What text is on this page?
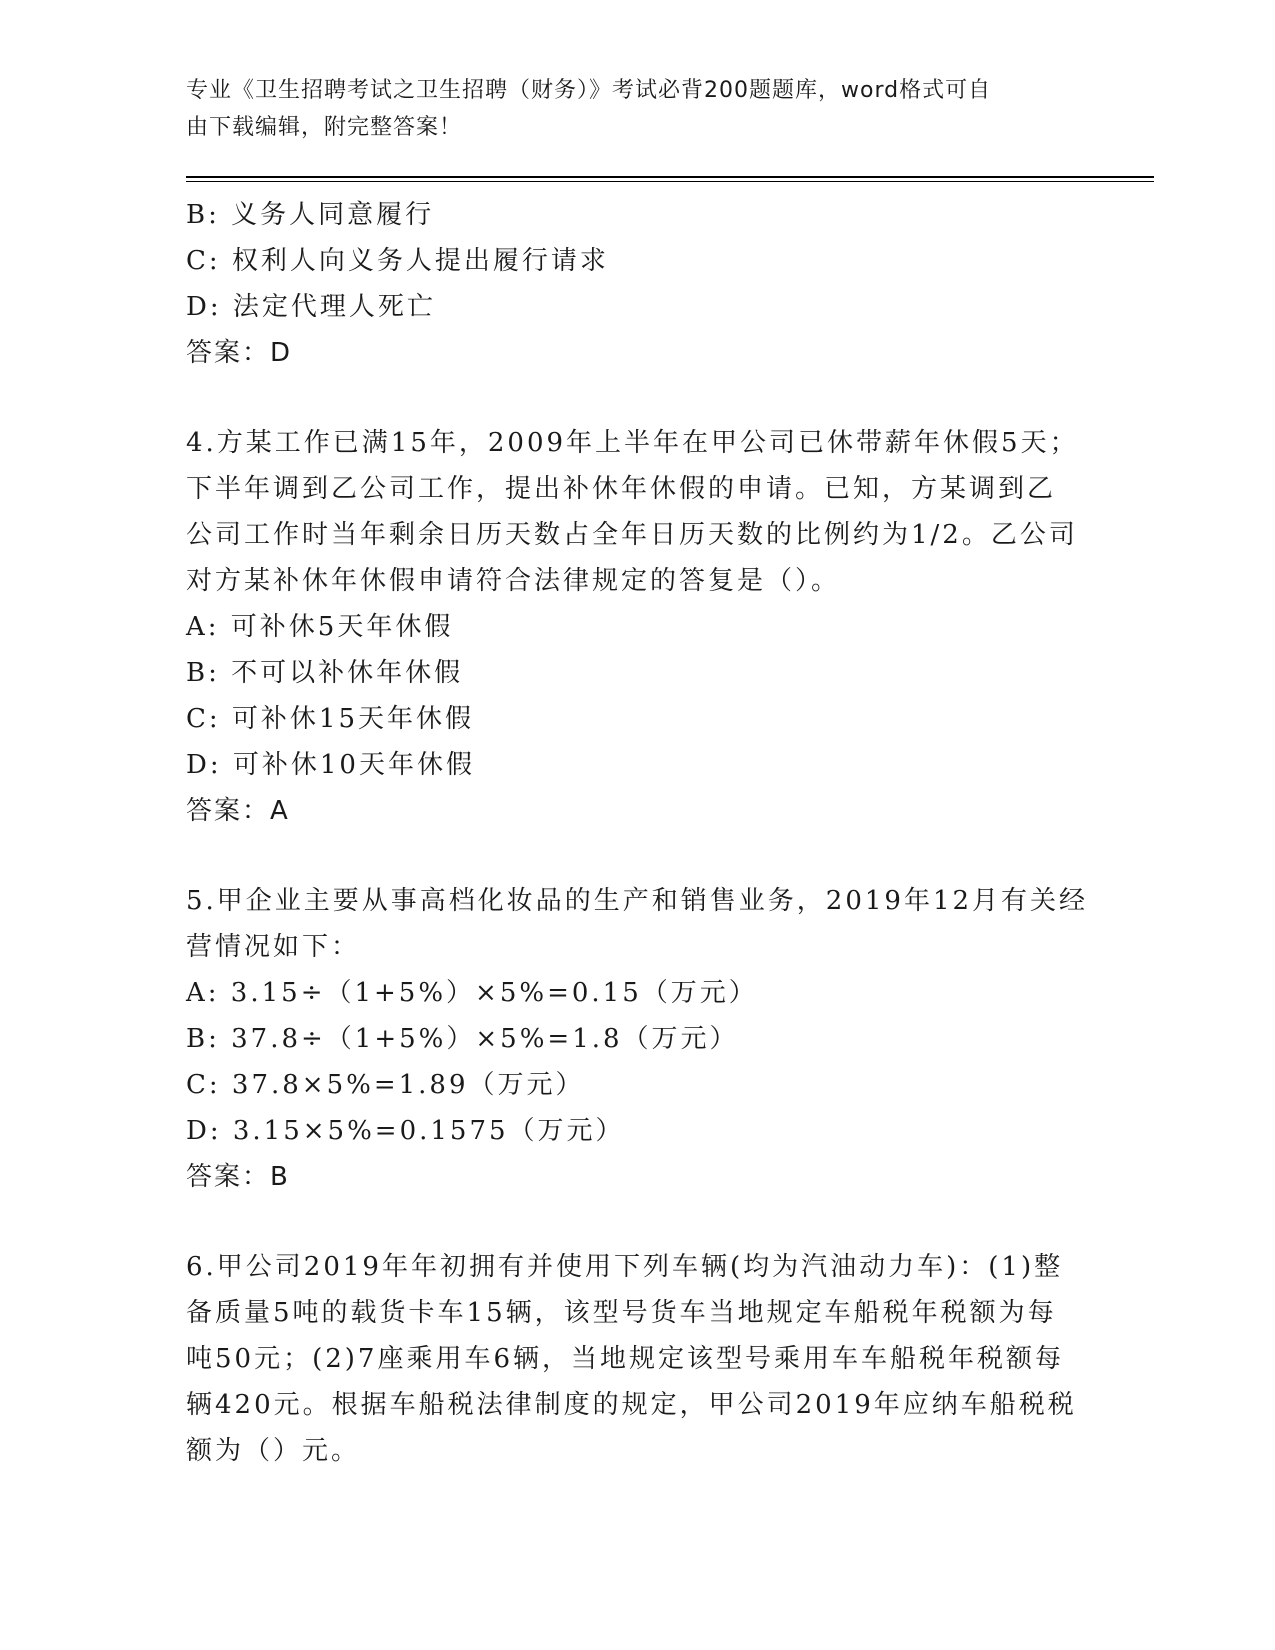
专业《卫生招聘考试之卫生招聘（财务）》考试必背200题题库，word格式可自
由下载编辑，附完整答案！
B: 义务人同意履行
C: 权利人向义务人提出履行请求
D: 法定代理人死亡
答案：D
4.方某工作已满15年，2009年上半年在甲公司已休带薪年休假5天；
下半年调到乙公司工作，提出补休年休假的申请。已知，方某调到乙
公司工作时当年剩余日历天数占全年日历天数的比例约为1/2。乙公司
对方某补休年休假申请符合法律规定的答复是（）。
A: 可补休5天年休假
B: 不可以补休年休假
C: 可补休15天年休假
D: 可补休10天年休假
答案：A
5.甲企业主要从事高档化妆品的生产和销售业务，2019年12月有关经
营情况如下：
A: 3.15÷（1+5%）×5%=0.15（万元）
B: 37.8÷（1+5%）×5%=1.8（万元）
C: 37.8×5%=1.89（万元）
D: 3.15×5%=0.1575（万元）
答案：B
6.甲公司2019年年初拥有并使用下列车辆(均为汽油动力车)：(1)整
备质量5吨的载货卡车15辆，该型号货车当地规定车船税年税额为每
吨50元；(2)7座乘用车6辆，当地规定该型号乘用车车船税年税额每
辆420元。根据车船税法律制度的规定，甲公司2019年应纳车船税税
额为（）元。
